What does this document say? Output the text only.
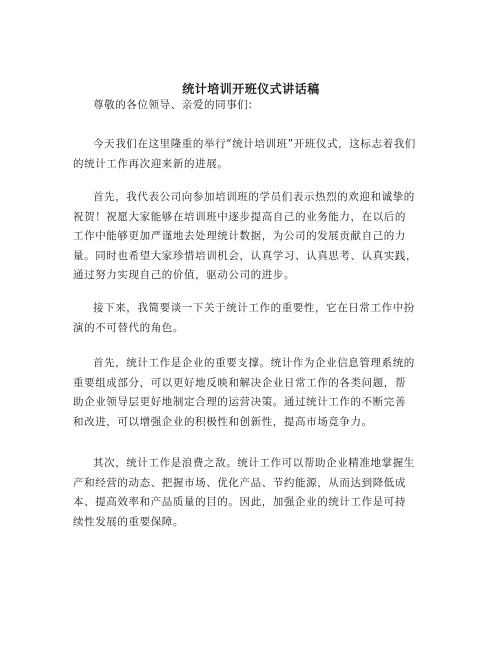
统计培训开班仪式讲话稿

尊敬的各位领导、亲爱的同事们:

今天我们在这里隆重的举行“统计培训班”开班仪式，这标志着我们
的统计工作再次迎来新的进展。

首先，我代表公司向参加培训班的学员们表示热烈的欢迎和诚挚的
祝贺！祝愿大家能够在培训班中逐步提高自己的业务能力，在以后的
工作中能够更加严谨地去处理统计数据，为公司的发展贡献自己的力
量。同时也希望大家珍惜培训机会，认真学习、认真思考、认真实践，
通过努力实现自己的价值，驱动公司的进步。

接下来，我简要谈一下关于统计工作的重要性，它在日常工作中扮
演的不可替代的角色。

首先，统计工作是企业的重要支撑。统计作为企业信息管理系统的
重要组成部分，可以更好地反映和解决企业日常工作的各类问题，帮
助企业领导层更好地制定合理的运营决策。通过统计工作的不断完善
和改进，可以增强企业的积极性和创新性，提高市场竞争力。

其次，统计工作是浪费之敌。统计工作可以帮助企业精准地掌握生
产和经营的动态、把握市场、优化产品、节约能源，从而达到降低成
本、提高效率和产品质量的目的。因此，加强企业的统计工作是可持
续性发展的重要保障。
